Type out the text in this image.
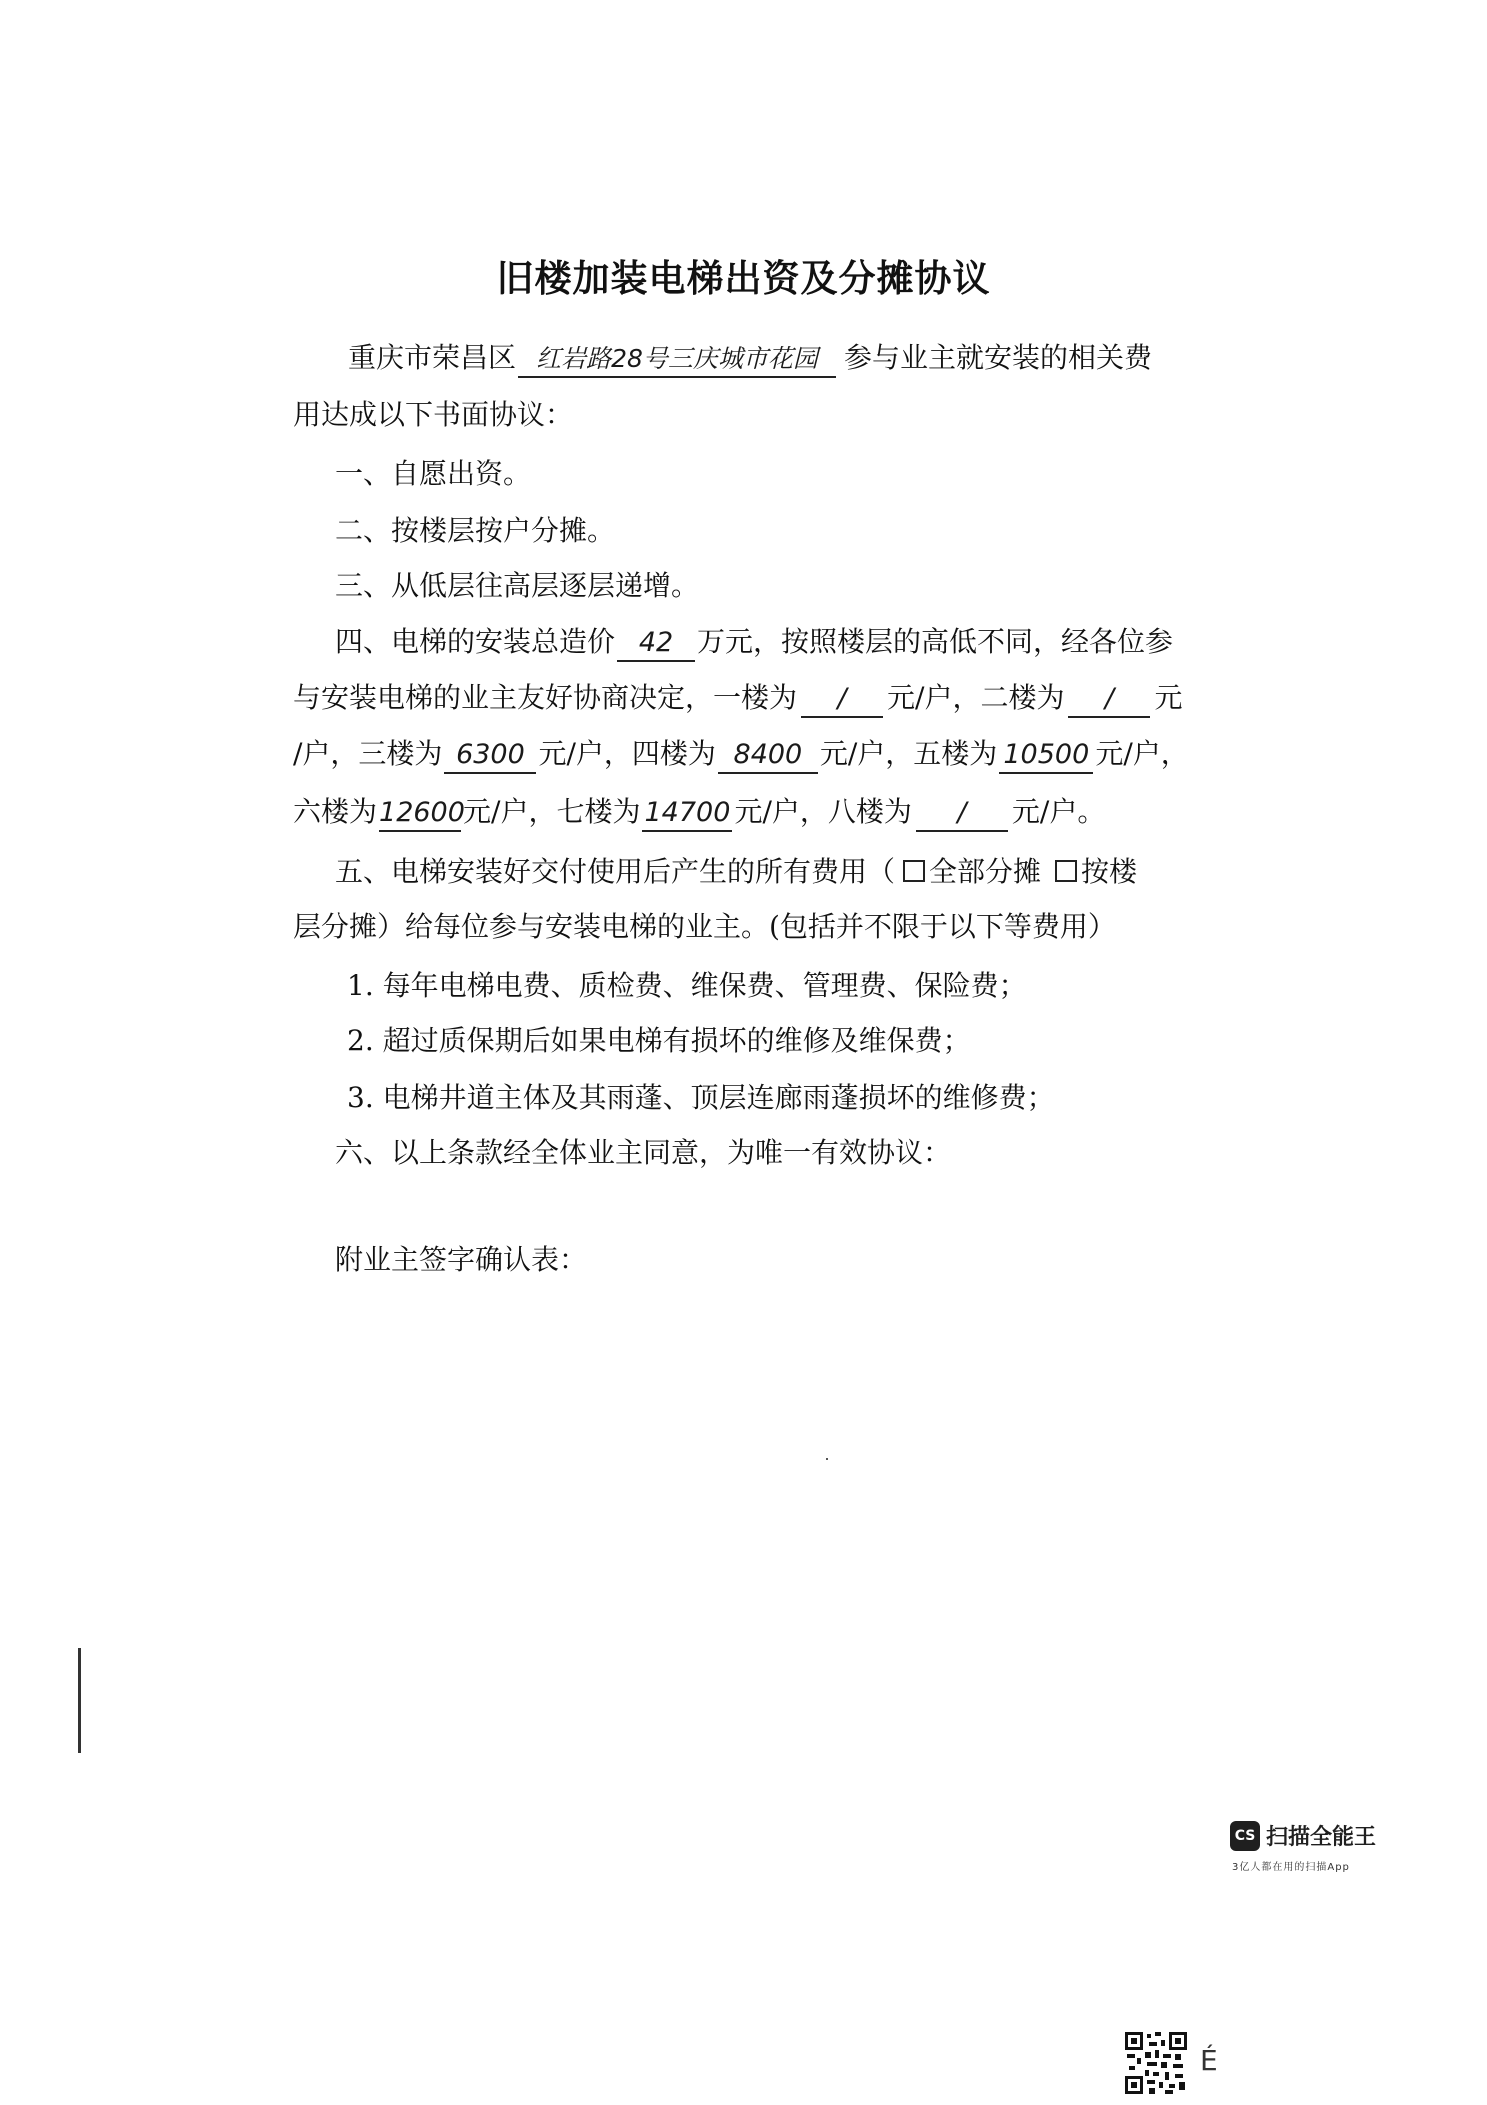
旧楼加装电梯出资及分摊协议
重庆市荣昌区 红岩路28号三庆城市花园 参与业主就安装的相关费
用达成以下书面协议：
一、自愿出资。
二、按楼层按户分摊。
三、从低层往高层逐层递增。
四、电梯的安装总造价 42 万元，按照楼层的高低不同，经各位参
与安装电梯的业主友好协商决定，一楼为 / 元/户，二楼为 / 元
/户，三楼为 6300 元/户，四楼为 8400 元/户，五楼为 10500 元/户，
六楼为12600元/户，七楼为 14700 元/户，八楼为 / 元/户。
五、电梯安装好交付使用后产生的所有费用（ 全部分摊 按楼
层分摊）给每位参与安装电梯的业主。(包括并不限于以下等费用）
1. 每年电梯电费、质检费、维保费、管理费、保险费；
2. 超过质保期后如果电梯有损坏的维修及维保费；
3. 电梯井道主体及其雨蓬、顶层连廊雨蓬损坏的维修费；
六、以上条款经全体业主同意，为唯一有效协议：
附业主签字确认表：
CS 扫描全能王
3亿人都在用的扫描App
É
